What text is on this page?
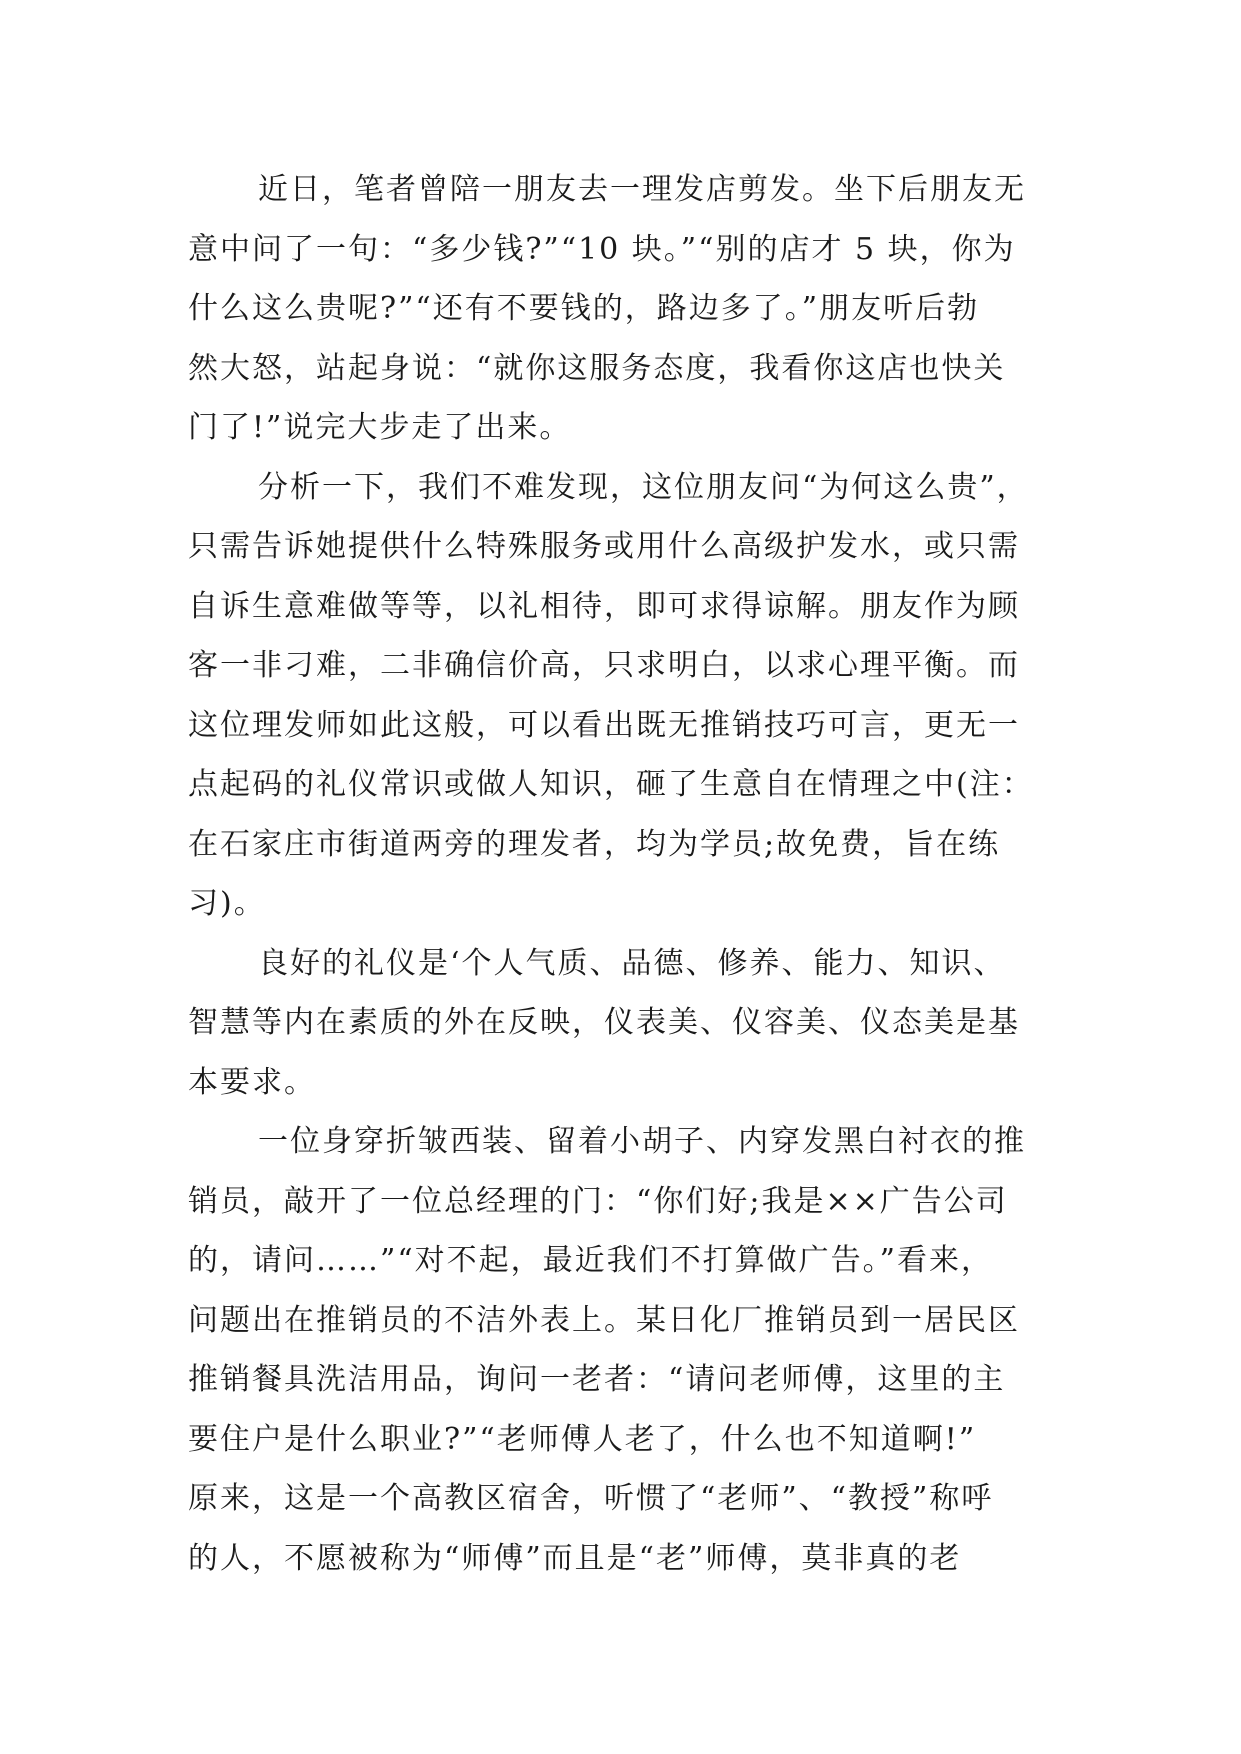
近日，笔者曾陪一朋友去一理发店剪发。坐下后朋友无
意中问了一句：“多少钱?”“10 块。”“别的店才 5 块，你为
什么这么贵呢?”“还有不要钱的，路边多了。”朋友听后勃
然大怒，站起身说：“就你这服务态度，我看你这店也快关
门了!”说完大步走了出来。
分析一下，我们不难发现，这位朋友问“为何这么贵”，
只需告诉她提供什么特殊服务或用什么高级护发水，或只需
自诉生意难做等等，以礼相待，即可求得谅解。朋友作为顾
客一非刁难，二非确信价高，只求明白，以求心理平衡。而
这位理发师如此这般，可以看出既无推销技巧可言，更无一
点起码的礼仪常识或做人知识，砸了生意自在情理之中(注：
在石家庄市街道两旁的理发者，均为学员;故免费，旨在练
习)。
良好的礼仪是‘个人气质、品德、修养、能力、知识、
智慧等内在素质的外在反映，仪表美、仪容美、仪态美是基
本要求。
一位身穿折皱西装、留着小胡子、内穿发黑白衬衣的推
销员，敲开了一位总经理的门：“你们好;我是××广告公司
的，请问……”“对不起，最近我们不打算做广告。”看来，
问题出在推销员的不洁外表上。某日化厂推销员到一居民区
推销餐具洗洁用品，询问一老者：“请问老师傅，这里的主
要住户是什么职业?”“老师傅人老了，什么也不知道啊!”
原来，这是一个高教区宿舍，听惯了“老师”、“教授”称呼
的人，不愿被称为“师傅”而且是“老”师傅，莫非真的老
